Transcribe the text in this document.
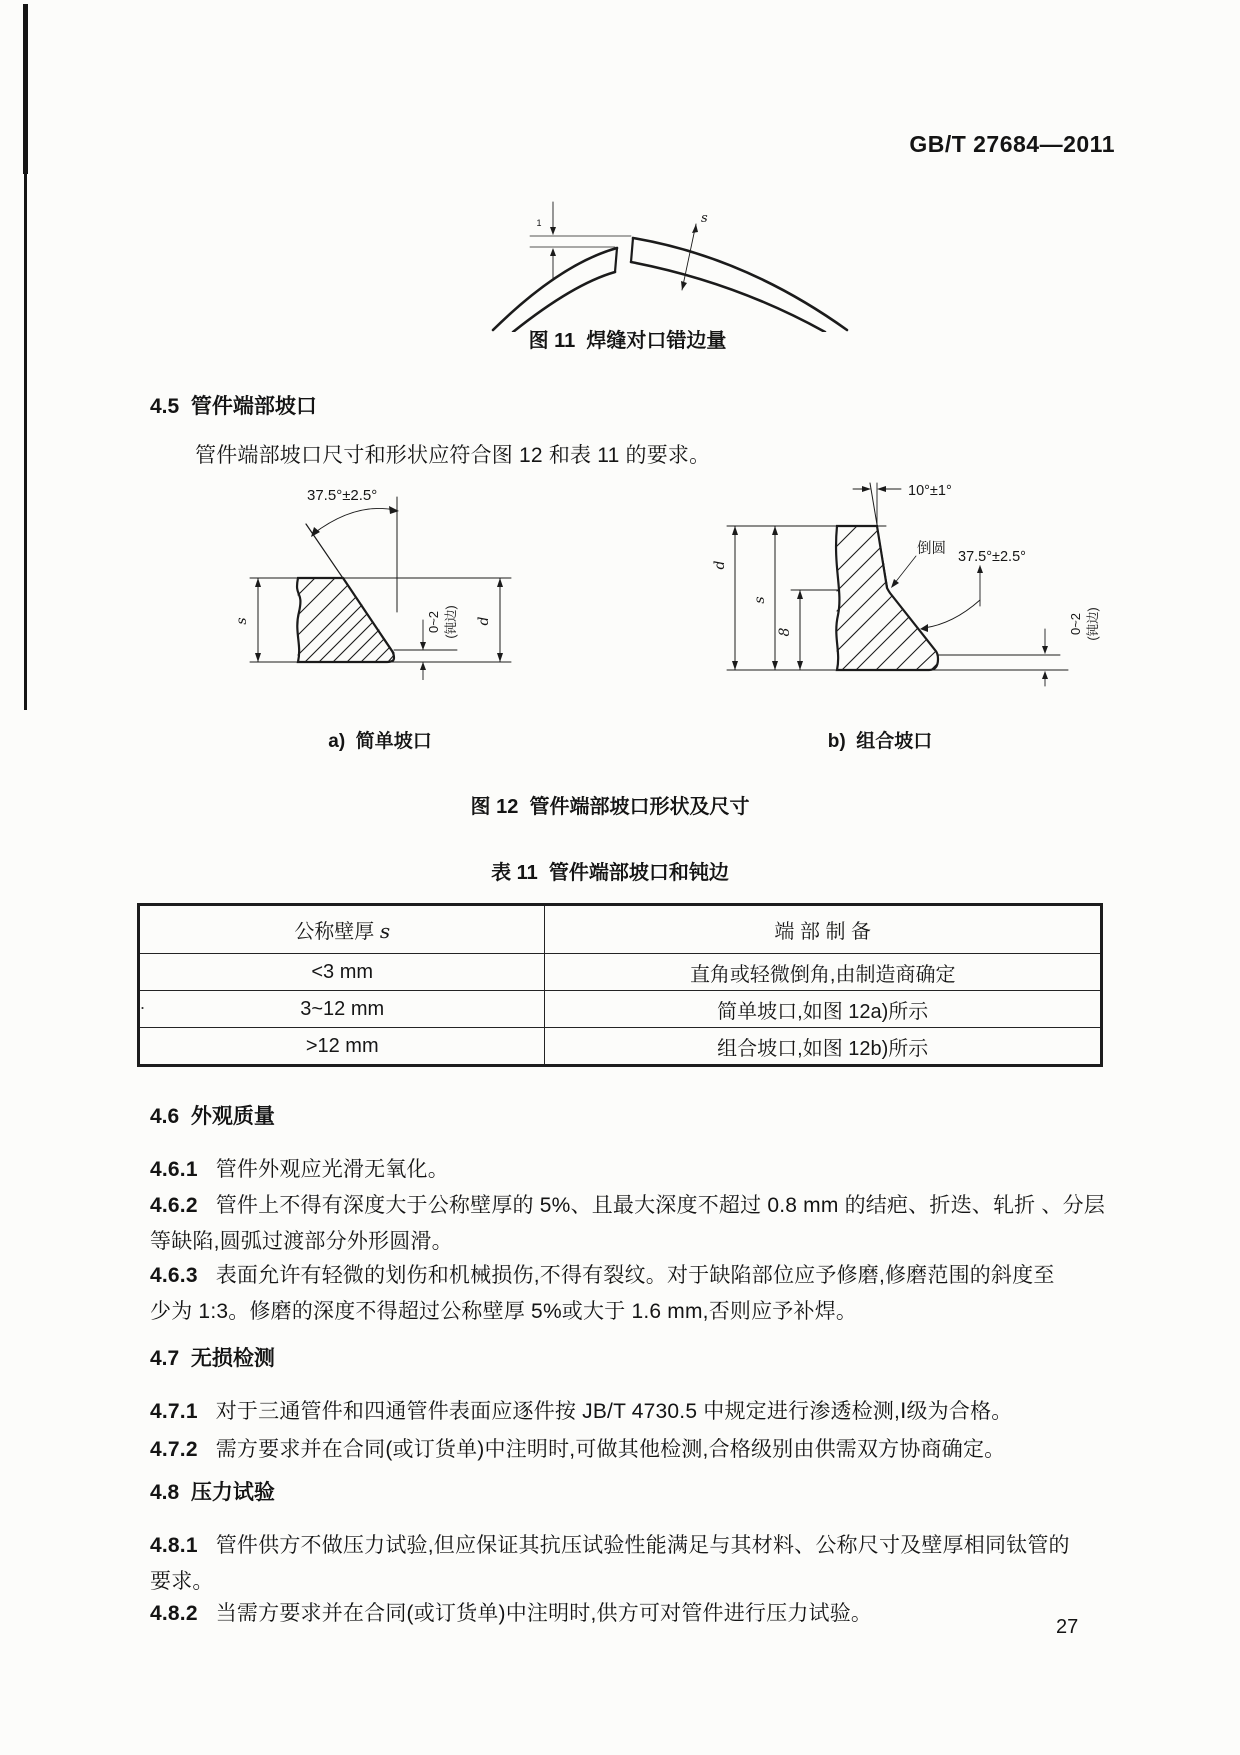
GB/T 27684—2011
1	s
图 11  焊缝对口错边量
4.5  管件端部坡口
管件端部坡口尺寸和形状应符合图 12 和表 11 的要求。
37.5°±2.5°
s	d
0~2 (钝边)
10°±1°
倒圆 37.5°±2.5°
d
s
8	0~2 (钝边)
a)  简单坡口	b)  组合坡口
图 12  管件端部坡口形状及尺寸
表 11  管件端部坡口和钝边
.
公称壁厚 s	端 部 制 备
<3 mm	直角或轻微倒角,由制造商确定
3~12 mm	简单坡口,如图 12a)所示
>12 mm	组合坡口,如图 12b)所示
4.6  外观质量
4.6.1 管件外观应光滑无氧化。
4.6.2 管件上不得有深度大于公称壁厚的 5%、且最大深度不超过 0.8 mm 的结疤、折迭、轧折 、分层
等缺陷,圆弧过渡部分外形圆滑。
4.6.3 表面允许有轻微的划伤和机械损伤,不得有裂纹。对于缺陷部位应予修磨,修磨范围的斜度至
少为 1:3。修磨的深度不得超过公称壁厚 5%或大于 1.6 mm,否则应予补焊。
4.7  无损检测
4.7.1 对于三通管件和四通管件表面应逐件按 JB/T 4730.5 中规定进行渗透检测,Ⅰ级为合格。
4.7.2 需方要求并在合同(或订货单)中注明时,可做其他检测,合格级别由供需双方协商确定。
4.8  压力试验
4.8.1 管件供方不做压力试验,但应保证其抗压试验性能满足与其材料、公称尺寸及壁厚相同钛管的
要求。
4.8.2 当需方要求并在合同(或订货单)中注明时,供方可对管件进行压力试验。
27
